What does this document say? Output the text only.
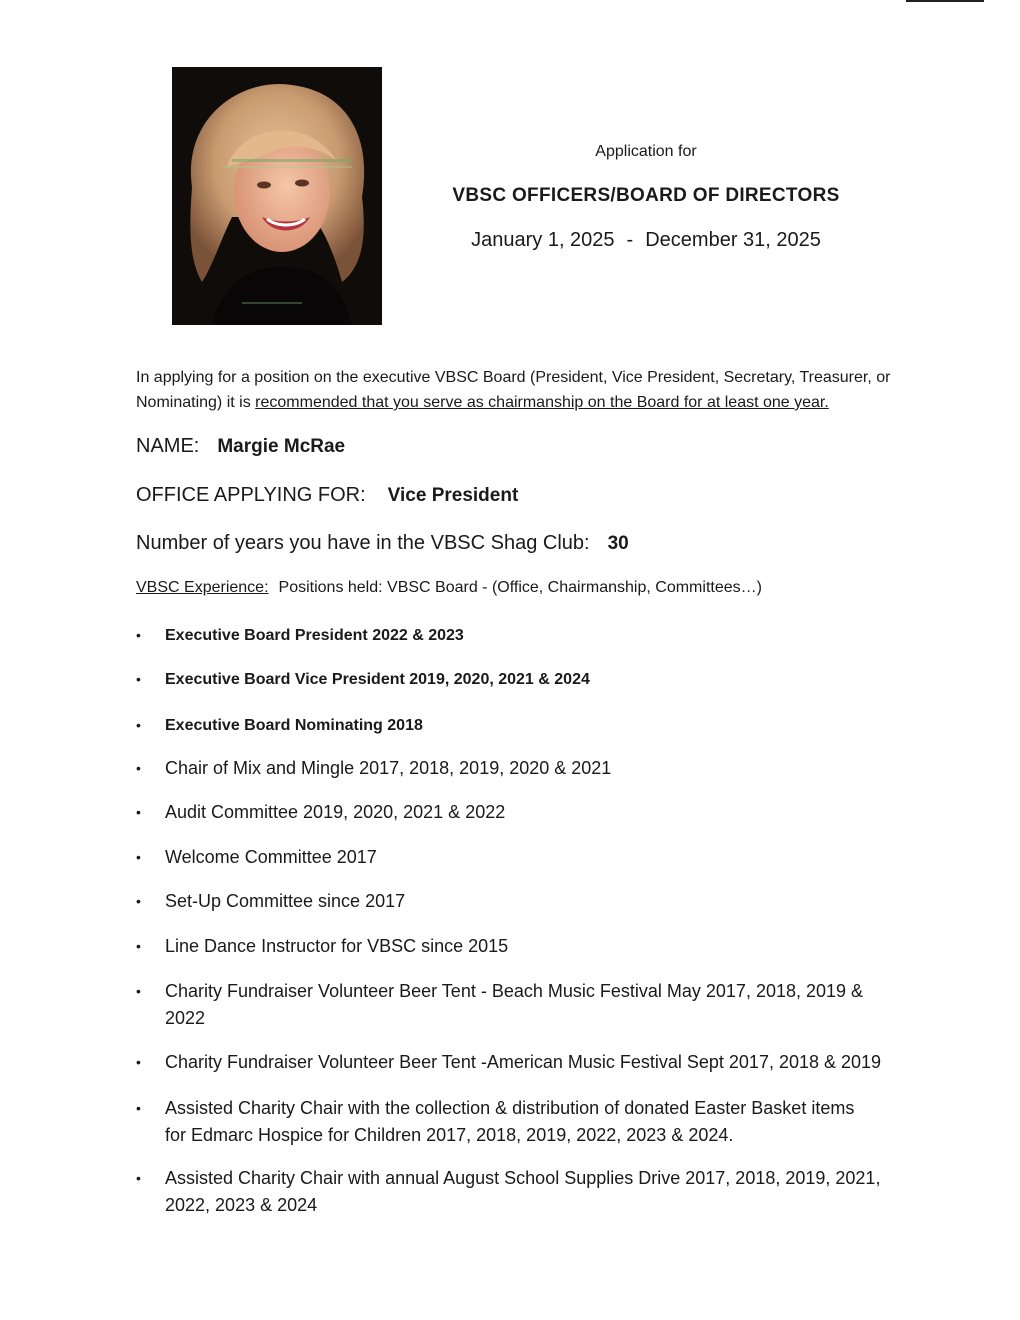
Application for

VBSC OFFICERS/BOARD OF DIRECTORS

January 1, 2025 - December 31, 2025

In applying for a position on the executive VBSC Board (President, Vice President, Secretary, Treasurer, or Nominating) it is recommended that you serve as chairmanship on the Board for at least one year.
NAME: Margie McRae
OFFICE APPLYING FOR: Vice President
Number of years you have in the VBSC Shag Club: 30
VBSC Experience: Positions held: VBSC Board - (Office, Chairmanship, Committees…)
• Executive Board President 2022 & 2023
• Executive Board Vice President 2019, 2020, 2021 & 2024
• Executive Board Nominating 2018
• Chair of Mix and Mingle 2017, 2018, 2019, 2020 & 2021
• Audit Committee 2019, 2020, 2021 & 2022
• Welcome Committee 2017
• Set-Up Committee since 2017
• Line Dance Instructor for VBSC since 2015
• Charity Fundraiser Volunteer Beer Tent - Beach Music Festival May 2017, 2018, 2019 & 2022
• Charity Fundraiser Volunteer Beer Tent -American Music Festival Sept 2017, 2018 & 2019
• Assisted Charity Chair with the collection & distribution of donated Easter Basket items for Edmarc Hospice for Children 2017, 2018, 2019, 2022, 2023 & 2024.
• Assisted Charity Chair with annual August School Supplies Drive 2017, 2018, 2019, 2021, 2022, 2023 & 2024
